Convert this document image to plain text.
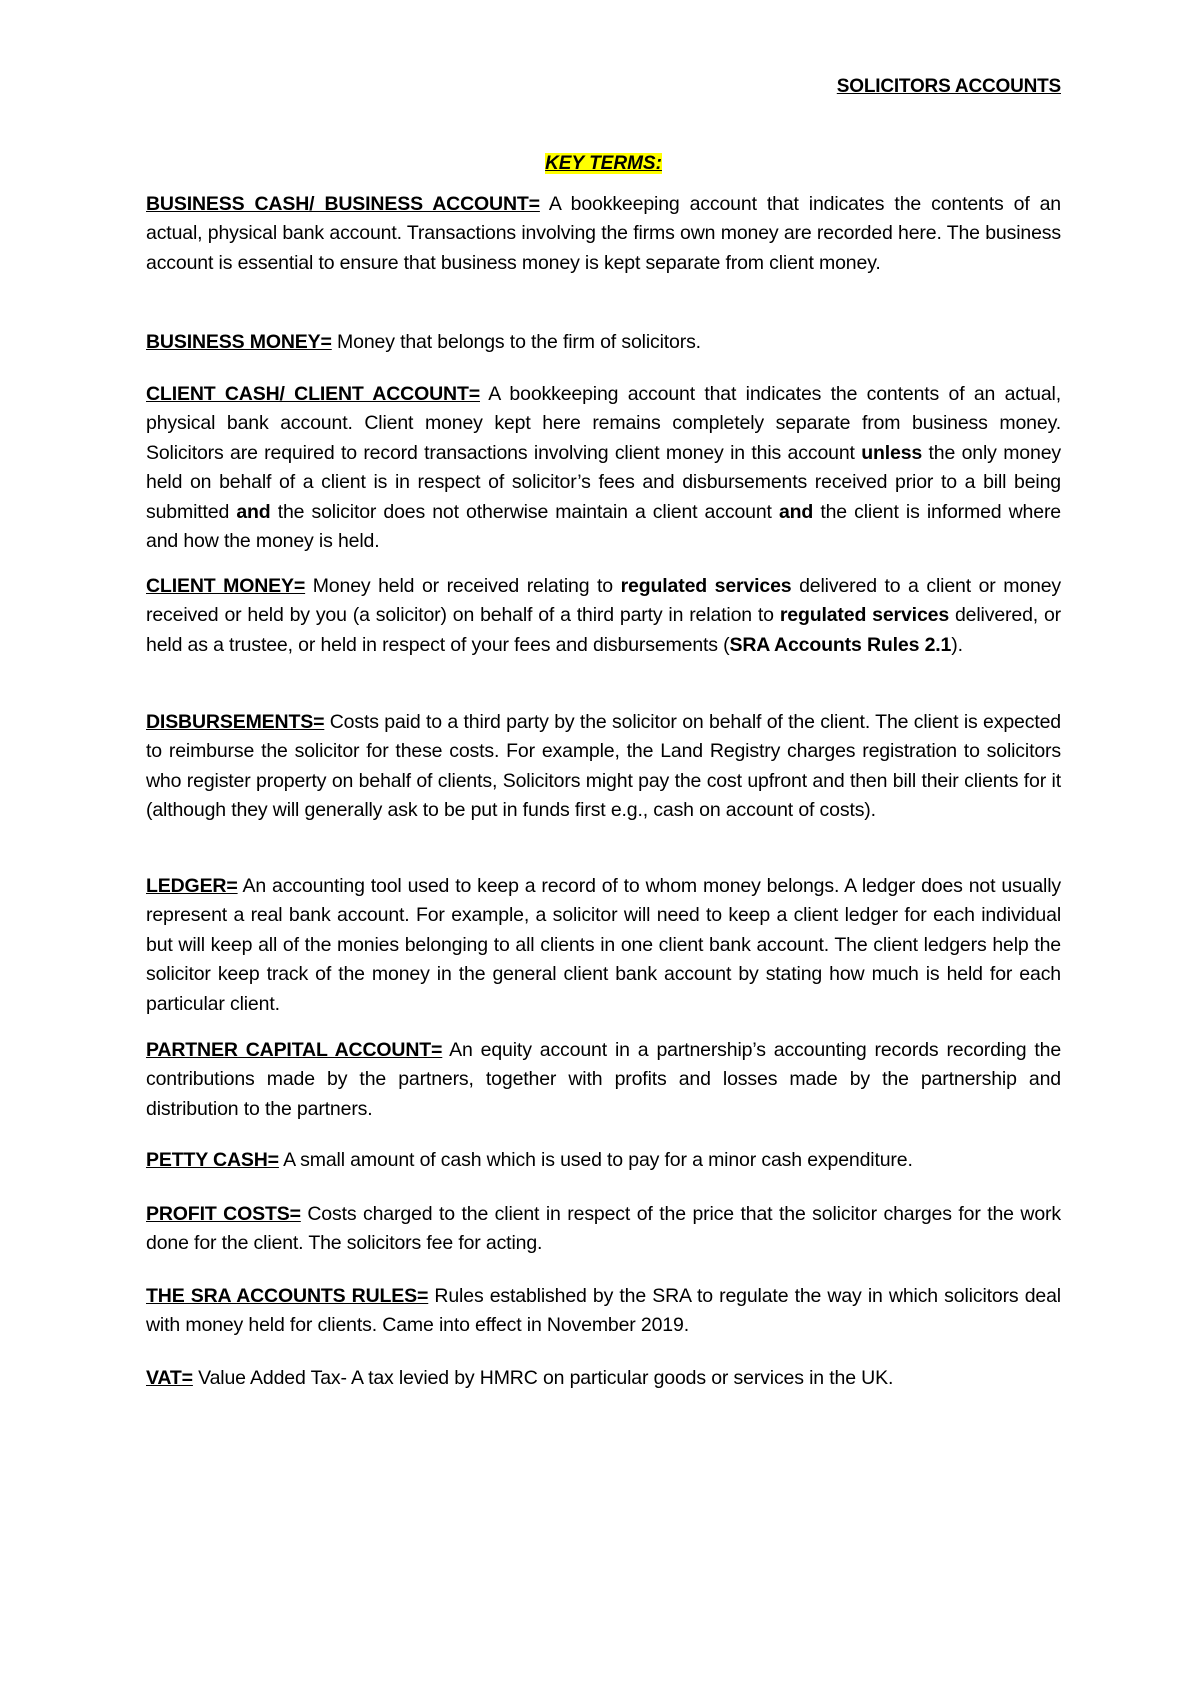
SOLICITORS ACCOUNTS
KEY TERMS:

BUSINESS CASH/ BUSINESS ACCOUNT= A bookkeeping account that indicates the contents of an actual, physical bank account. Transactions involving the firms own money are recorded here. The business account is essential to ensure that business money is kept separate from client money.

BUSINESS MONEY= Money that belongs to the firm of solicitors.

CLIENT CASH/ CLIENT ACCOUNT= A bookkeeping account that indicates the contents of an actual, physical bank account. Client money kept here remains completely separate from business money. Solicitors are required to record transactions involving client money in this account unless the only money held on behalf of a client is in respect of solicitor’s fees and disbursements received prior to a bill being submitted and the solicitor does not otherwise maintain a client account and the client is informed where and how the money is held.

CLIENT MONEY= Money held or received relating to regulated services delivered to a client or money received or held by you (a solicitor) on behalf of a third party in relation to regulated services delivered, or held as a trustee, or held in respect of your fees and disbursements (SRA Accounts Rules 2.1).

DISBURSEMENTS= Costs paid to a third party by the solicitor on behalf of the client. The client is expected to reimburse the solicitor for these costs. For example, the Land Registry charges registration to solicitors who register property on behalf of clients, Solicitors might pay the cost upfront and then bill their clients for it (although they will generally ask to be put in funds first e.g., cash on account of costs).

LEDGER= An accounting tool used to keep a record of to whom money belongs. A ledger does not usually represent a real bank account. For example, a solicitor will need to keep a client ledger for each individual but will keep all of the monies belonging to all clients in one client bank account. The client ledgers help the solicitor keep track of the money in the general client bank account by stating how much is held for each particular client.

PARTNER CAPITAL ACCOUNT= An equity account in a partnership’s accounting records recording the contributions made by the partners, together with profits and losses made by the partnership and distribution to the partners.

PETTY CASH= A small amount of cash which is used to pay for a minor cash expenditure.

PROFIT COSTS= Costs charged to the client in respect of the price that the solicitor charges for the work done for the client. The solicitors fee for acting.

THE SRA ACCOUNTS RULES= Rules established by the SRA to regulate the way in which solicitors deal with money held for clients. Came into effect in November 2019.

VAT= Value Added Tax- A tax levied by HMRC on particular goods or services in the UK.
